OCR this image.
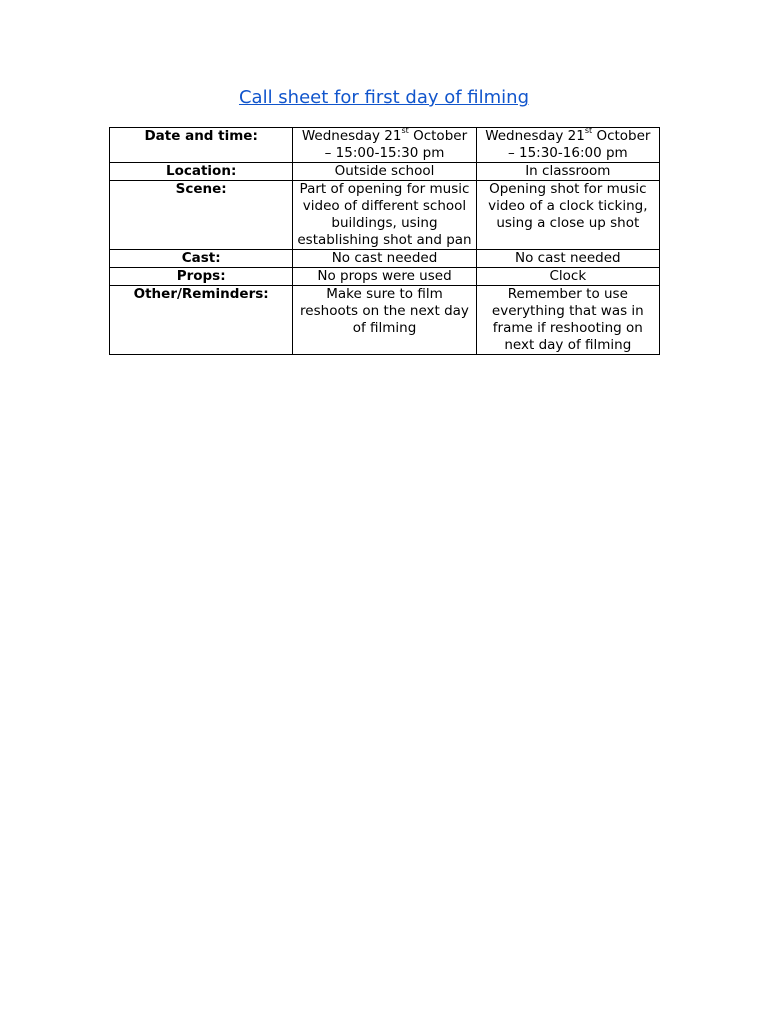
Call sheet for first day of filming
Date and time:	Wednesday 21st October – 15:00-15:30 pm	Wednesday 21st October – 15:30-16:00 pm
Location:	Outside school	In classroom
Scene:	Part of opening for music video of different school buildings, using establishing shot and pan	Opening shot for music video of a clock ticking, using a close up shot
Cast:	No cast needed	No cast needed
Props:	No props were used	Clock
Other/Reminders:	Make sure to film reshoots on the next day of filming	Remember to use everything that was in frame if reshooting on next day of filming
